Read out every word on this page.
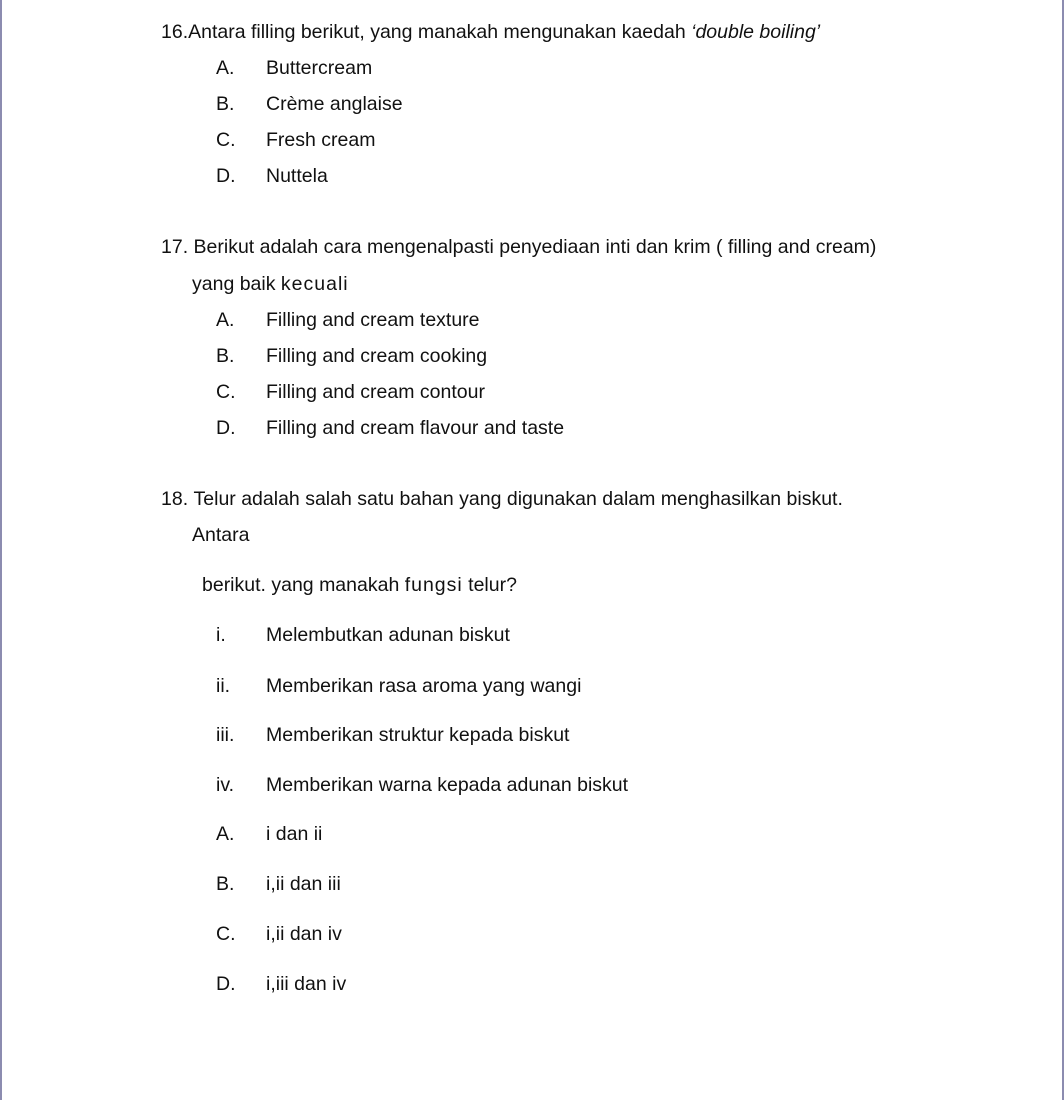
16.Antara filling berikut, yang manakah mengunakan kaedah ‘double boiling’
A. Buttercream
B. Crème anglaise
C. Fresh cream
D. Nuttela
17. Berikut adalah cara mengenalpasti penyediaan inti dan krim ( filling and cream)
yang baik kecuali
A. Filling and cream texture
B. Filling and cream cooking
C. Filling and cream contour
D. Filling and cream flavour and taste
18. Telur adalah salah satu bahan yang digunakan dalam menghasilkan biskut.
Antara
berikut. yang manakah fungsi telur?
i. Melembutkan adunan biskut
ii. Memberikan rasa aroma yang wangi
iii. Memberikan struktur kepada biskut
iv. Memberikan warna kepada adunan biskut
A. i dan ii
B. i,ii dan iii
C. i,ii dan iv
D. i,iii dan iv
